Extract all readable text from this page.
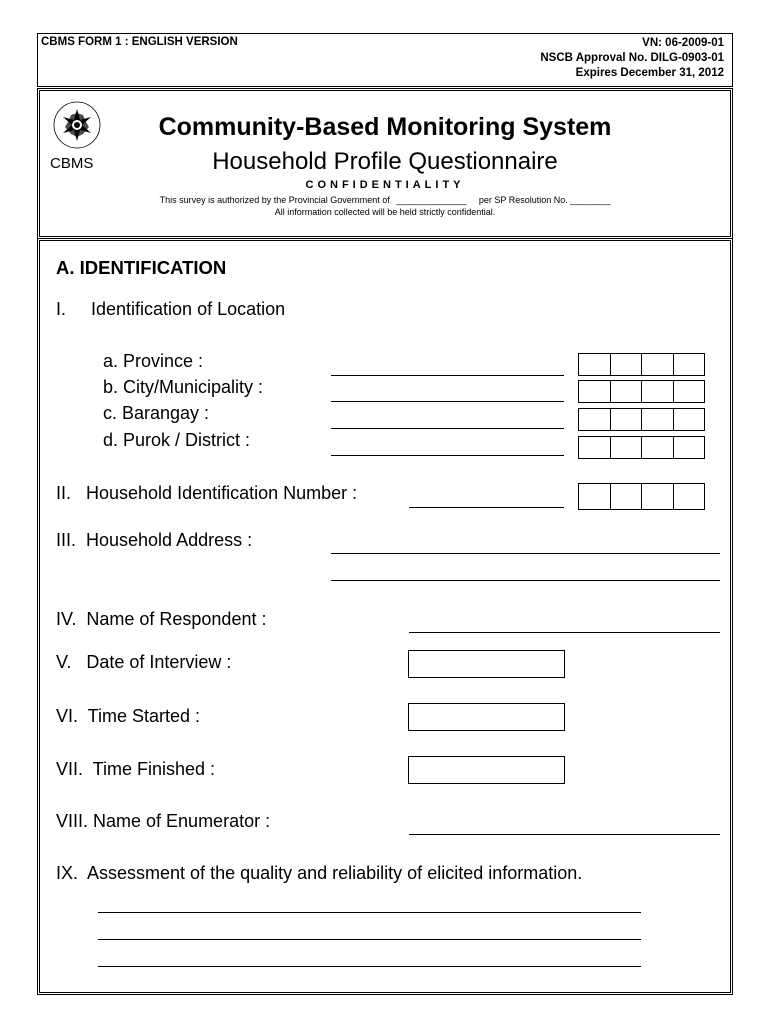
CBMS FORM 1 : ENGLISH VERSION	VN: 06-2009-01
NSCB Approval No. DILG-0903-01
Expires December 31, 2012
CBMS
Community-Based Monitoring System
Household Profile Questionnaire
CONFIDENTIALITY
This survey is authorized by the Provincial Government of ______________ per SP Resolution No. ________
All information collected will be held strictly confidential.
A. IDENTIFICATION
I.     Identification of Location
a. Province :
b. City/Municipality :
c. Barangay :
d. Purok / District :
II.   Household Identification Number :
III.  Household Address :
IV.  Name of Respondent :
V.   Date of Interview :
VI.  Time Started :
VII.  Time Finished :
VIII. Name of Enumerator :
IX.  Assessment of the quality and reliability of elicited information.
